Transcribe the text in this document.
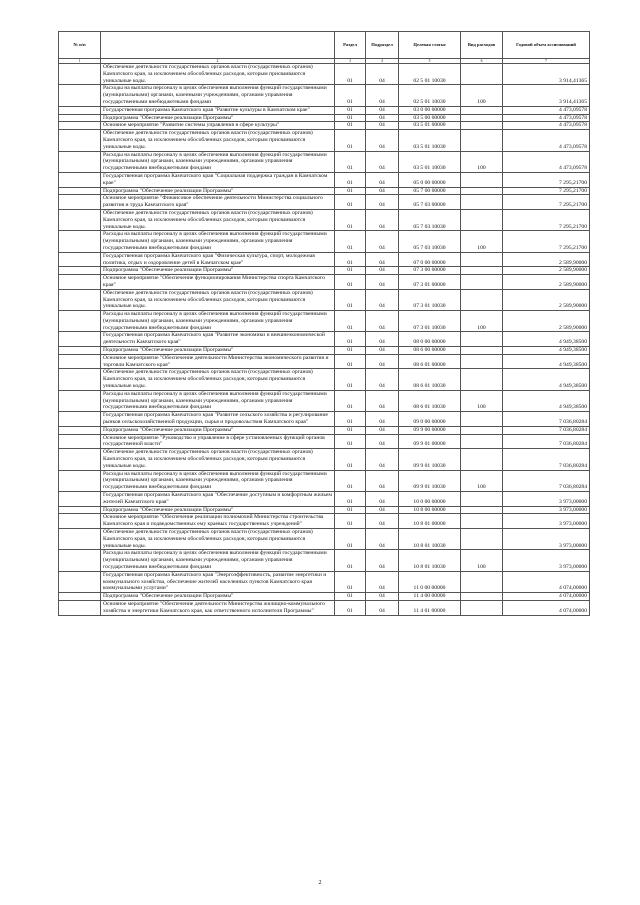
№ п/п		Раздел	Подраздел	Целевая статья	Вид расходов	Годовой объем ассигнований
1	2	3	4	5	6	7
	Обеспечение деятельности государственных органов власти (государственных органов) Камчатского края, за исключением обособленных расходов, которым присваиваются уникальные коды.	01	04	02 5 01 10030		3 914,41365
	Расходы на выплаты персоналу в целях обеспечения выполнения функций государственными (муниципальными) органами, казенными учреждениями, органами управления государственными внебюджетными фондами	01	04	02 5 01 10030	100	3 914,41365
	Государственная программа Камчатского края "Развитие культуры в Камчатском крае"	01	04	03 0 00 00000		4 473,09578
	Подпрограмма "Обеспечение реализации Программы"	01	04	03 5 00 00000		4 473,09578
	Основное мероприятие "Развитие системы управления в сфере культуры"	01	04	03 5 01 00000		4 473,09578
	Обеспечение деятельности государственных органов власти (государственных органов) Камчатского края, за исключением обособленных расходов, которым присваиваются уникальные коды.	01	04	03 5 01 10030		4 473,09578
	Расходы на выплаты персоналу в целях обеспечения выполнения функций государственными (муниципальными) органами, казенными учреждениями, органами управления государственными внебюджетными фондами	01	04	03 5 01 10030	100	4 473,09578
	Государственная программа Камчатского края "Социальная поддержка граждан в Камчатском крае"	01	04	05 0 00 00000		7 295,21700
	Подпрограмма "Обеспечение реализации Программы"	01	04	05 7 00 00000		7 295,21700
	Основное мероприятие "Финансовое обеспечение деятельности Министерства социального развития и труда Камчатского края"	01	04	05 7 03 00000		7 295,21700
	Обеспечение деятельности государственных органов власти (государственных органов) Камчатского края, за исключением обособленных расходов, которым присваиваются уникальные коды.	01	04	05 7 03 10030		7 295,21700
	Расходы на выплаты персоналу в целях обеспечения выполнения функций государственными (муниципальными) органами, казенными учреждениями, органами управления государственными внебюджетными фондами	01	04	05 7 03 10030	100	7 295,21700
	Государственная программа Камчатского края "Физическая культура, спорт, молодежная политика, отдых и оздоровление детей в Камчатском крае"	01	04	07 0 00 00000		2 589,90000
	Подпрограмма "Обеспечение реализации Программы"	01	04	07 3 00 00000		2 589,90000
	Основное мероприятие "Обеспечение функционирования Министерства спорта Камчатского края"	01	04	07 3 01 00000		2 589,90000
	Обеспечение деятельности государственных органов власти (государственных органов) Камчатского края, за исключением обособленных расходов, которым присваиваются уникальные коды.	01	04	07 3 01 10030		2 589,90000
	Расходы на выплаты персоналу в целях обеспечения выполнения функций государственными (муниципальными) органами, казенными учреждениями, органами управления государственными внебюджетными фондами	01	04	07 3 01 10030	100	2 589,90000
	Государственная программа Камчатского края "Развитие экономики и внешнеэкономической деятельности Камчатского края"	01	04	08 0 00 00000		4 949,38500
	Подпрограмма "Обеспечение реализации Программы"	01	04	08 6 00 00000		4 949,38500
	Основное мероприятие "Обеспечение деятельности Министерства экономического развития и торговли Камчатского края"	01	04	08 6 01 00000		4 949,38500
	Обеспечение деятельности государственных органов власти (государственных органов) Камчатского края, за исключением обособленных расходов, которым присваиваются уникальные коды.	01	04	08 6 01 10030		4 949,38500
	Расходы на выплаты персоналу в целях обеспечения выполнения функций государственными (муниципальными) органами, казенными учреждениями, органами управления государственными внебюджетными фондами	01	04	08 6 01 10030	100	4 949,38500
	Государственная программа Камчатского края "Развитие сельского хозяйства и регулирование рынков сельскохозяйственной продукции, сырья и продовольствия Камчатского края"	01	04	09 0 00 00000		7 036,80284
	Подпрограмма "Обеспечение реализации Программы"	01	04	09 9 00 00000		7 036,80284
	Основное мероприятие "Руководство и управление в сфере установленных функций органов государственной власти"	01	04	09 9 01 00000		7 036,80284
	Обеспечение деятельности государственных органов власти (государственных органов) Камчатского края, за исключением обособленных расходов, которым присваиваются уникальные коды.	01	04	09 9 01 10030		7 036,80284
	Расходы на выплаты персоналу в целях обеспечения выполнения функций государственными (муниципальными) органами, казенными учреждениями, органами управления государственными внебюджетными фондами	01	04	09 9 01 10030	100	7 036,80284
	Государственная программа Камчатского края "Обеспечение доступным и комфортным жильем жителей Камчатского края"	01	04	10 0 00 00000		3 973,00000
	Подпрограмма "Обеспечение реализации Программы"	01	04	10 8 00 00000		3 973,00000
	Основное мероприятие "Обеспечение реализации полномочий Министерства строительства Камчатского края и подведомственных ему краевых государственных учреждений"	01	04	10 8 01 00000		3 973,00000
	Обеспечение деятельности государственных органов власти (государственных органов) Камчатского края, за исключением обособленных расходов, которым присваиваются уникальные коды.	01	04	10 8 01 10030		3 973,00000
	Расходы на выплаты персоналу в целях обеспечения выполнения функций государственными (муниципальными) органами, казенными учреждениями, органами управления государственными внебюджетными фондами	01	04	10 8 01 10030	100	3 973,00000
	Государственная программа Камчатского края "Энергоэффективность, развитие энергетики и коммунального хозяйства, обеспечение жителей населенных пунктов Камчатского края коммунальными услугами"	01	04	11 0 00 00000		4 074,00000
	Подпрограмма "Обеспечение реализации Программы"	01	04	11 4 00 00000		4 074,00000
	Основное мероприятие "Обеспечение деятельности Министерства жилищно-коммунального хозяйства и энергетики Камчатского края, как ответственного исполнителя Программы"	01	04	11 4 01 00000		4 074,00000
2
